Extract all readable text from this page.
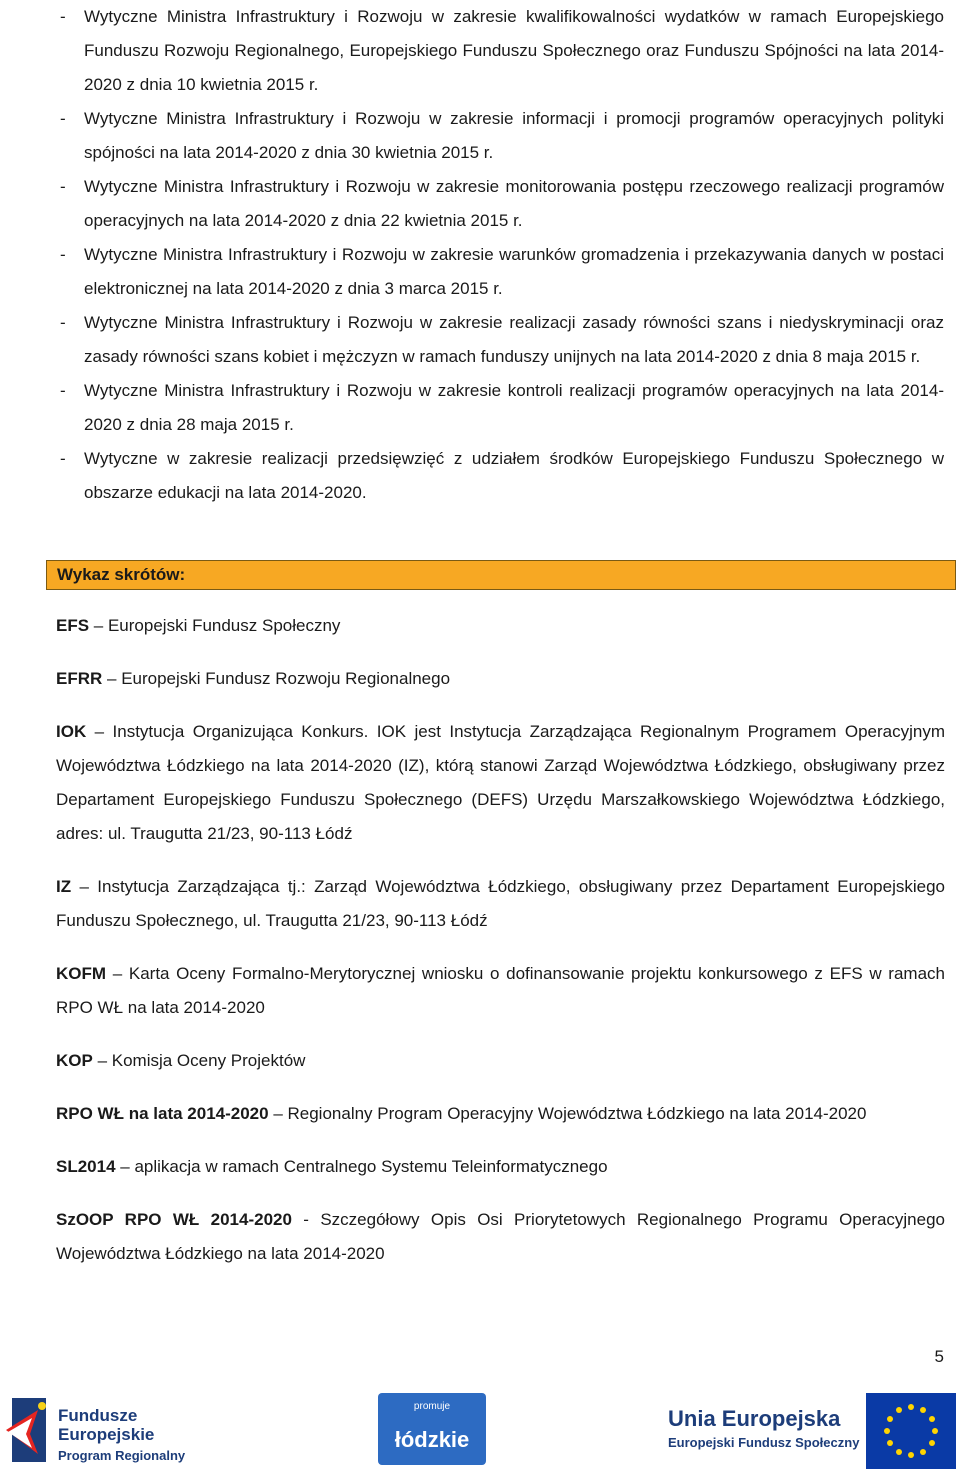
- Wytyczne Ministra Infrastruktury i Rozwoju w zakresie kwalifikowalności wydatków w ramach Europejskiego Funduszu Rozwoju Regionalnego, Europejskiego Funduszu Społecznego oraz Funduszu Spójności na lata 2014-2020 z dnia 10 kwietnia 2015 r.
- Wytyczne Ministra Infrastruktury i Rozwoju w zakresie informacji i promocji programów operacyjnych polityki spójności na lata 2014-2020 z dnia 30 kwietnia 2015 r.
- Wytyczne Ministra Infrastruktury i Rozwoju w zakresie monitorowania postępu rzeczowego realizacji programów operacyjnych na lata 2014-2020 z dnia 22 kwietnia 2015 r.
- Wytyczne Ministra Infrastruktury i Rozwoju w zakresie warunków gromadzenia i przekazywania danych w postaci elektronicznej na lata 2014-2020 z dnia 3 marca 2015 r.
- Wytyczne Ministra Infrastruktury i Rozwoju w zakresie realizacji zasady równości szans i niedyskryminacji oraz zasady równości szans kobiet i mężczyzn w ramach funduszy unijnych na lata 2014-2020 z dnia 8 maja 2015 r.
- Wytyczne Ministra Infrastruktury i Rozwoju w zakresie kontroli realizacji programów operacyjnych na lata 2014-2020 z dnia 28 maja 2015 r.
- Wytyczne w zakresie realizacji przedsięwzięć z udziałem środków Europejskiego Funduszu Społecznego w obszarze edukacji na lata 2014-2020.
Wykaz skrótów:
EFS – Europejski Fundusz Społeczny
EFRR – Europejski Fundusz Rozwoju Regionalnego
IOK – Instytucja Organizująca Konkurs. IOK jest Instytucja Zarządzająca Regionalnym Programem Operacyjnym Województwa Łódzkiego na lata 2014-2020 (IZ), którą stanowi Zarząd Województwa Łódzkiego, obsługiwany przez Departament Europejskiego Funduszu Społecznego (DEFS) Urzędu Marszałkowskiego Województwa Łódzkiego, adres: ul. Traugutta 21/23, 90-113 Łódź
IZ – Instytucja Zarządzająca tj.: Zarząd Województwa Łódzkiego, obsługiwany przez Departament Europejskiego Funduszu Społecznego, ul. Traugutta 21/23, 90-113 Łódź
KOFM – Karta Oceny Formalno-Merytorycznej wniosku o dofinansowanie projektu konkursowego z EFS w ramach RPO WŁ na lata 2014-2020
KOP – Komisja Oceny Projektów
RPO WŁ na lata 2014-2020 – Regionalny Program Operacyjny Województwa Łódzkiego na lata 2014-2020
SL2014 – aplikacja w ramach Centralnego Systemu Teleinformatycznego
SzOOP RPO WŁ 2014-2020 - Szczegółowy Opis Osi Priorytetowych Regionalnego Programu Operacyjnego Województwa Łódzkiego na lata 2014-2020
5
Fundusze
Europejskie
Program Regionalny
promuje
łódzkie
Unia Europejska
Europejski Fundusz Społeczny
